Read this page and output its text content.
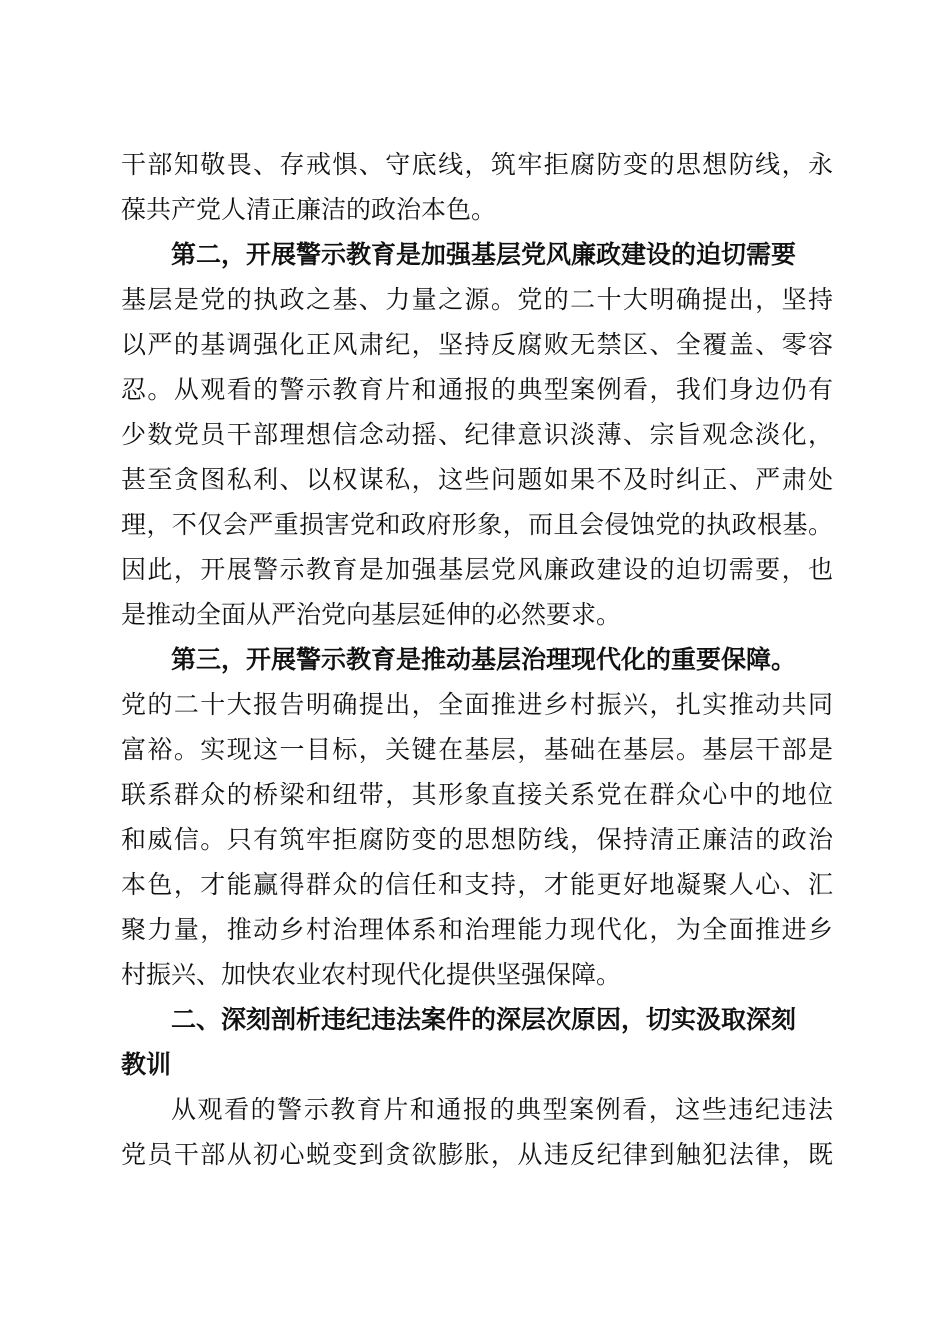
干部知敬畏、存戒惧、守底线，筑牢拒腐防变的思想防线，永
葆共产党人清正廉洁的政治本色。
第二，开展警示教育是加强基层党风廉政建设的迫切需要
基层是党的执政之基、力量之源。党的二十大明确提出，坚持
以严的基调强化正风肃纪，坚持反腐败无禁区、全覆盖、零容
忍。从观看的警示教育片和通报的典型案例看，我们身边仍有
少数党员干部理想信念动摇、纪律意识淡薄、宗旨观念淡化，
甚至贪图私利、以权谋私，这些问题如果不及时纠正、严肃处
理，不仅会严重损害党和政府形象，而且会侵蚀党的执政根基。
因此，开展警示教育是加强基层党风廉政建设的迫切需要，也
是推动全面从严治党向基层延伸的必然要求。
第三，开展警示教育是推动基层治理现代化的重要保障。
党的二十大报告明确提出，全面推进乡村振兴，扎实推动共同
富裕。实现这一目标，关键在基层，基础在基层。基层干部是
联系群众的桥梁和纽带，其形象直接关系党在群众心中的地位
和威信。只有筑牢拒腐防变的思想防线，保持清正廉洁的政治
本色，才能赢得群众的信任和支持，才能更好地凝聚人心、汇
聚力量，推动乡村治理体系和治理能力现代化，为全面推进乡
村振兴、加快农业农村现代化提供坚强保障。
二、深刻剖析违纪违法案件的深层次原因，切实汲取深刻
教训
从观看的警示教育片和通报的典型案例看，这些违纪违法
党员干部从初心蜕变到贪欲膨胀，从违反纪律到触犯法律，既
